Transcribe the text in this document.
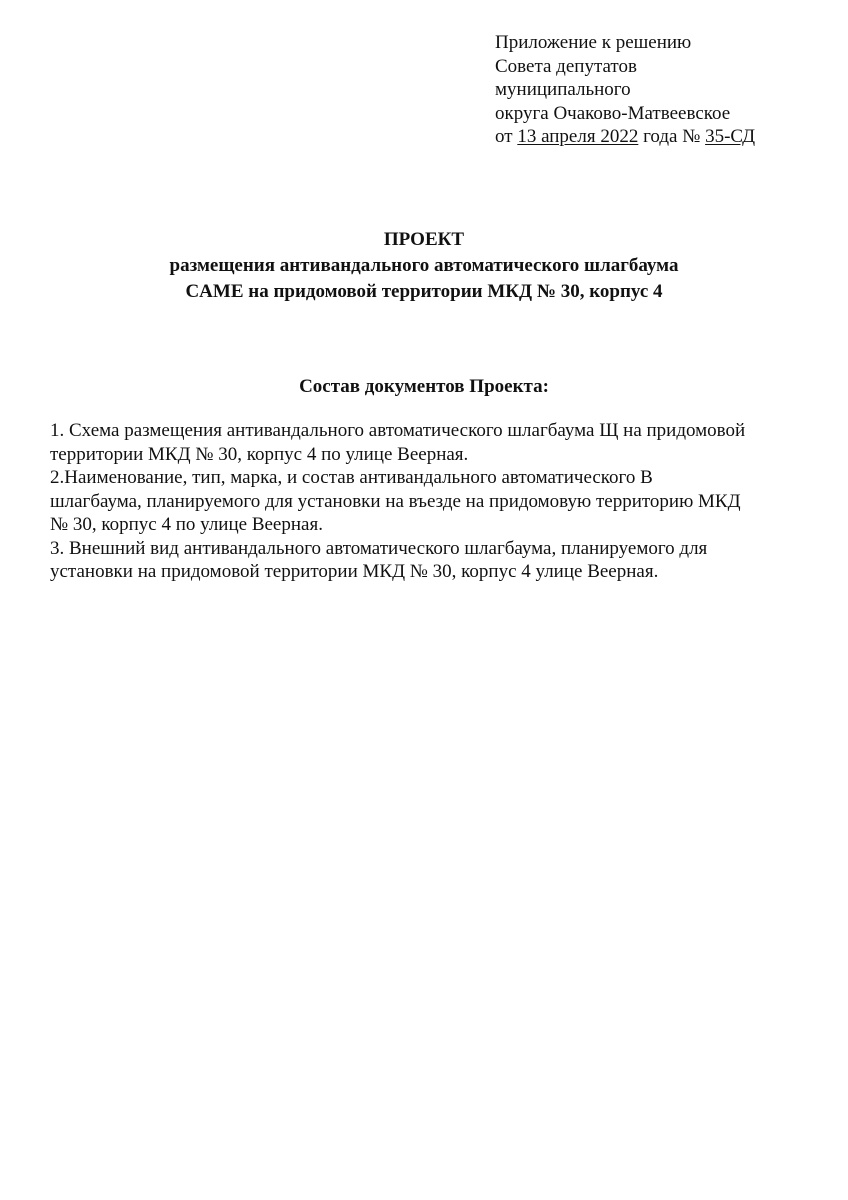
Приложение к решению
Совета депутатов
муниципального
округа Очаково-Матвеевское
от 13 апреля 2022 года № 35-СД
ПРОЕКТ
размещения антивандального автоматического шлагбаума
CAME на придомовой территории МКД № 30, корпус 4
Состав документов Проекта:
1. Схема размещения антивандального автоматического шлагбаума Щ на придомовой
территории МКД № 30, корпус 4 по улице Веерная.
2.Наименование, тип, марка, и состав антивандального автоматического В
шлагбаума, планируемого для установки на въезде на придомовую территорию МКД
№ 30, корпус 4 по улице Веерная.
3. Внешний вид антивандального автоматического шлагбаума, планируемого для
установки на придомовой территории МКД № 30, корпус 4 улице Веерная.
